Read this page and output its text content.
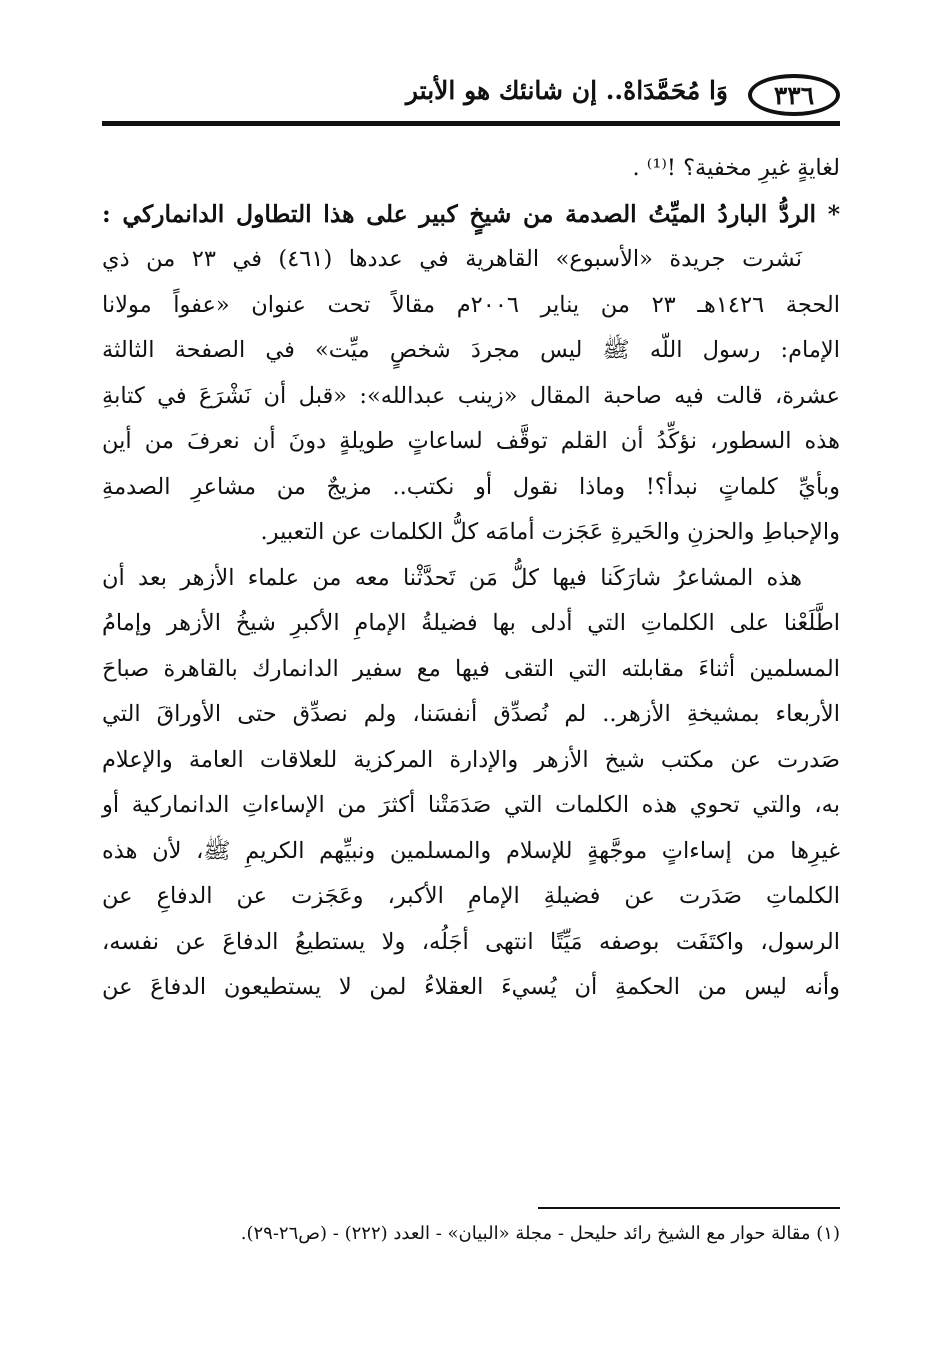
٣٣٦
وَا مُحَمَّدَاهْ.. إن شانئك هو الأبتر
لغايةٍ غيرِ مخفية؟ !⁽¹⁾ .
* الردُّ الباردُ الميِّتُ الصدمة من شيخٍ كبير على هذا التطاول الدانماركي :
نَشرت جريدة «الأسبوع» القاهرية في عددها (٤٦١) في ٢٣ من ذي
الحجة ١٤٢٦هـ ٢٣ من يناير ٢٠٠٦م مقالاً تحت عنوان «عفواً مولانا
الإمام: رسول اللّه ﷺ ليس مجردَ شخصٍ ميِّت» في الصفحة الثالثة
عشرة، قالت فيه صاحبة المقال «زينب عبدالله»: «قبل أن نَشْرَعَ في كتابةِ
هذه السطور، نؤكِّدُ أن القلم توقَّف لساعاتٍ طويلةٍ دونَ أن نعرفَ من أين
وبأيِّ كلماتٍ نبدأ؟! وماذا نقول أو نكتب.. مزيجٌ من مشاعرِ الصدمةِ
والإحباطِ والحزنِ والحَيرةِ عَجَزت أمامَه كلُّ الكلمات عن التعبير.
هذه المشاعرُ شارَكَنا فيها كلُّ مَن تَحدَّثْنا معه من علماء الأزهر بعد أن
اطَّلَعْنا على الكلماتِ التي أدلى بها فضيلةُ الإمامِ الأكبرِ شيخُ الأزهر وإمامُ
المسلمين أثناءَ مقابلته التي التقى فيها مع سفير الدانمارك بالقاهرة صباحَ
الأربعاء بمشيخةِ الأزهر.. لم نُصدِّق أنفسَنا، ولم نصدِّق حتى الأوراقَ التي
صَدرت عن مكتب شيخ الأزهر والإدارة المركزية للعلاقات العامة والإعلام
به، والتي تحوي هذه الكلمات التي صَدَمَتْنا أكثرَ من الإساءاتِ الدانماركية أو
غيرِها من إساءاتٍ موجَّهةٍ للإسلام والمسلمين ونبيِّهم الكريمِ ﷺ، لأن هذه
الكلماتِ صَدَرت عن فضيلةِ الإمامِ الأكبر، وعَجَزت عن الدفاعِ عن
الرسول، واكتَفَت بوصفه مَيِّتًا انتهى أجَلُه، ولا يستطيعُ الدفاعَ عن نفسه،
وأنه ليس من الحكمةِ أن يُسيءَ العقلاءُ لمن لا يستطيعون الدفاعَ عن
(١) مقالة حوار مع الشيخ رائد حليحل - مجلة «البيان» - العدد (٢٢٢) - (ص٢٦-٢٩).
